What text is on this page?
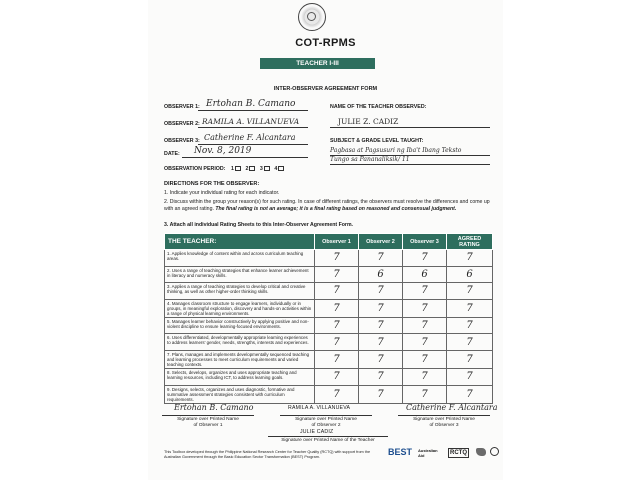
COT-RPMS
TEACHER I-III
INTER-OBSERVER AGREEMENT FORM
OBSERVER 1: Ertohan B. Camano
OBSERVER 2: RAMILA A. VILLANUEVA
OBSERVER 3: Catherine F. Alcantara
DATE: Nov. 8, 2019
OBSERVATION PERIOD: 1 2 3 4
NAME OF THE TEACHER OBSERVED:
JULIE Z. CADIZ
SUBJECT & GRADE LEVEL TAUGHT:
Pagbasa at Pagsusuri ng Iba't Ibang Teksto
Tungo sa Pananaliksik/ 11
DIRECTIONS FOR THE OBSERVER:
1. Indicate your individual rating for each indicator.
2. Discuss within the group your reason(s) for such rating. In case of different ratings, the observers must resolve the differences and come up with an agreed rating. The final rating is not an average; it is a final rating based on reasoned and consensual judgment.
3. Attach all individual Rating Sheets to this Inter-Observer Agreement Form.
THE TEACHER:	Observer 1	Observer 2	Observer 3	AGREED RATING
1. Applies knowledge of content within and across curriculum teaching areas.	7	7	7	7
2. Uses a range of teaching strategies that enhance learner achievement in literacy and numeracy skills.	7	6	6	6
3. Applies a range of teaching strategies to develop critical and creative thinking, as well as other higher-order thinking skills.	7	7	7	7
4. Manages classroom structure to engage learners, individually or in groups, in meaningful exploration, discovery and hands-on activities within a range of physical learning environments.	7	7	7	7
5. Manages learner behavior constructively by applying positive and non-violent discipline to ensure learning-focused environments.	7	7	7	7
6. Uses differentiated, developmentally appropriate learning experiences to address learners' gender, needs, strengths, interests and experiences.	7	7	7	7
7. Plans, manages and implements developmentally sequenced teaching and learning processes to meet curriculum requirements and varied teaching contexts.	7	7	7	7
8. Selects, develops, organizes and uses appropriate teaching and learning resources, including ICT, to address learning goals.	7	7	7	7
9. Designs, selects, organizes and uses diagnostic, formative and summative assessment strategies consistent with curriculum requirements.	7	7	7	7
Ertohan B. Camano
Signature over Printed Name
of Observer 1
RAMILA A. VILLANUEVA
Signature over Printed Name
of Observer 2
Catherine F. Alcantara
Signature over Printed Name
of Observer 3
JULIE CADIZ
Signature over Printed Name of the Teacher
This Toolbox developed through the Philippine National Research Center for Teacher Quality (RCTQ) with support from the Australian Government through the Basic Education Sector Transformation (BEST) Program.	BEST Australian Aid	RCTQ
